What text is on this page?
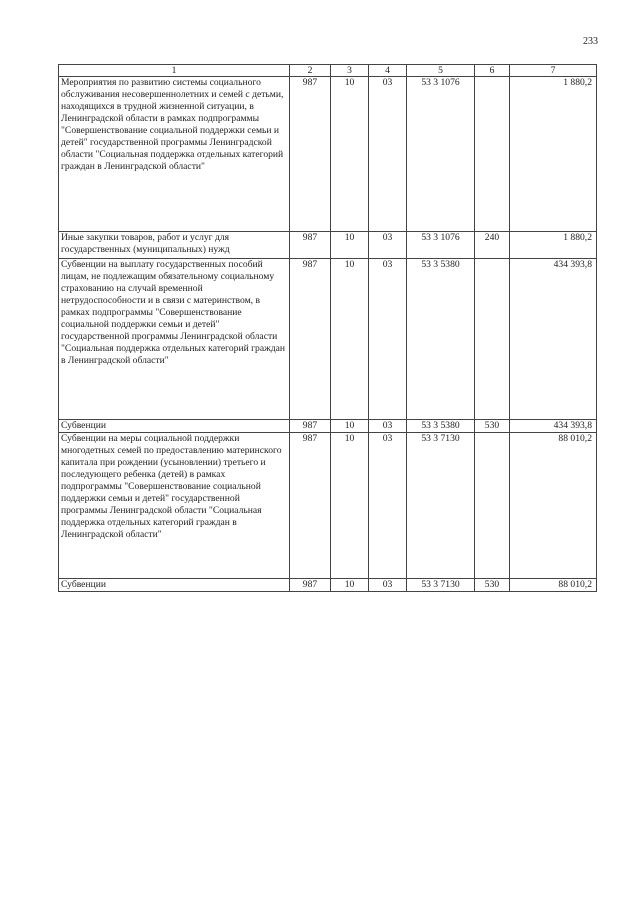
233
1	2	3	4	5	6	7
Мероприятия по развитию системы социального обслуживания несовершеннолетних и семей с детьми, находящихся в трудной жизненной ситуации, в Ленинградской области в рамках подпрограммы "Совершенствование социальной поддержки семьи и детей" государственной программы Ленинградской области "Социальная поддержка отдельных категорий граждан в Ленинградской области"	987	10	03	53 3 1076		1 880,2
Иные закупки товаров, работ и услуг для государственных (муниципальных) нужд	987	10	03	53 3 1076	240	1 880,2
Субвенции на выплату государственных пособий лицам, не подлежащим обязательному социальному страхованию на случай временной нетрудоспособности и в связи с материнством, в рамках подпрограммы "Совершенствование социальной поддержки семьи и детей" государственной программы Ленинградской области "Социальная поддержка отдельных категорий граждан в Ленинградской области"	987	10	03	53 3 5380		434 393,8
Субвенции	987	10	03	53 3 5380	530	434 393,8
Субвенции на меры социальной поддержки многодетных семей по предоставлению материнского капитала при рождении (усыновлении) третьего и последующего ребенка (детей) в рамках подпрограммы "Совершенствование социальной поддержки семьи и детей" государственной программы Ленинградской области "Социальная поддержка отдельных категорий граждан в Ленинградской области"	987	10	03	53 3 7130		88 010,2
Субвенции	987	10	03	53 3 7130	530	88 010,2
